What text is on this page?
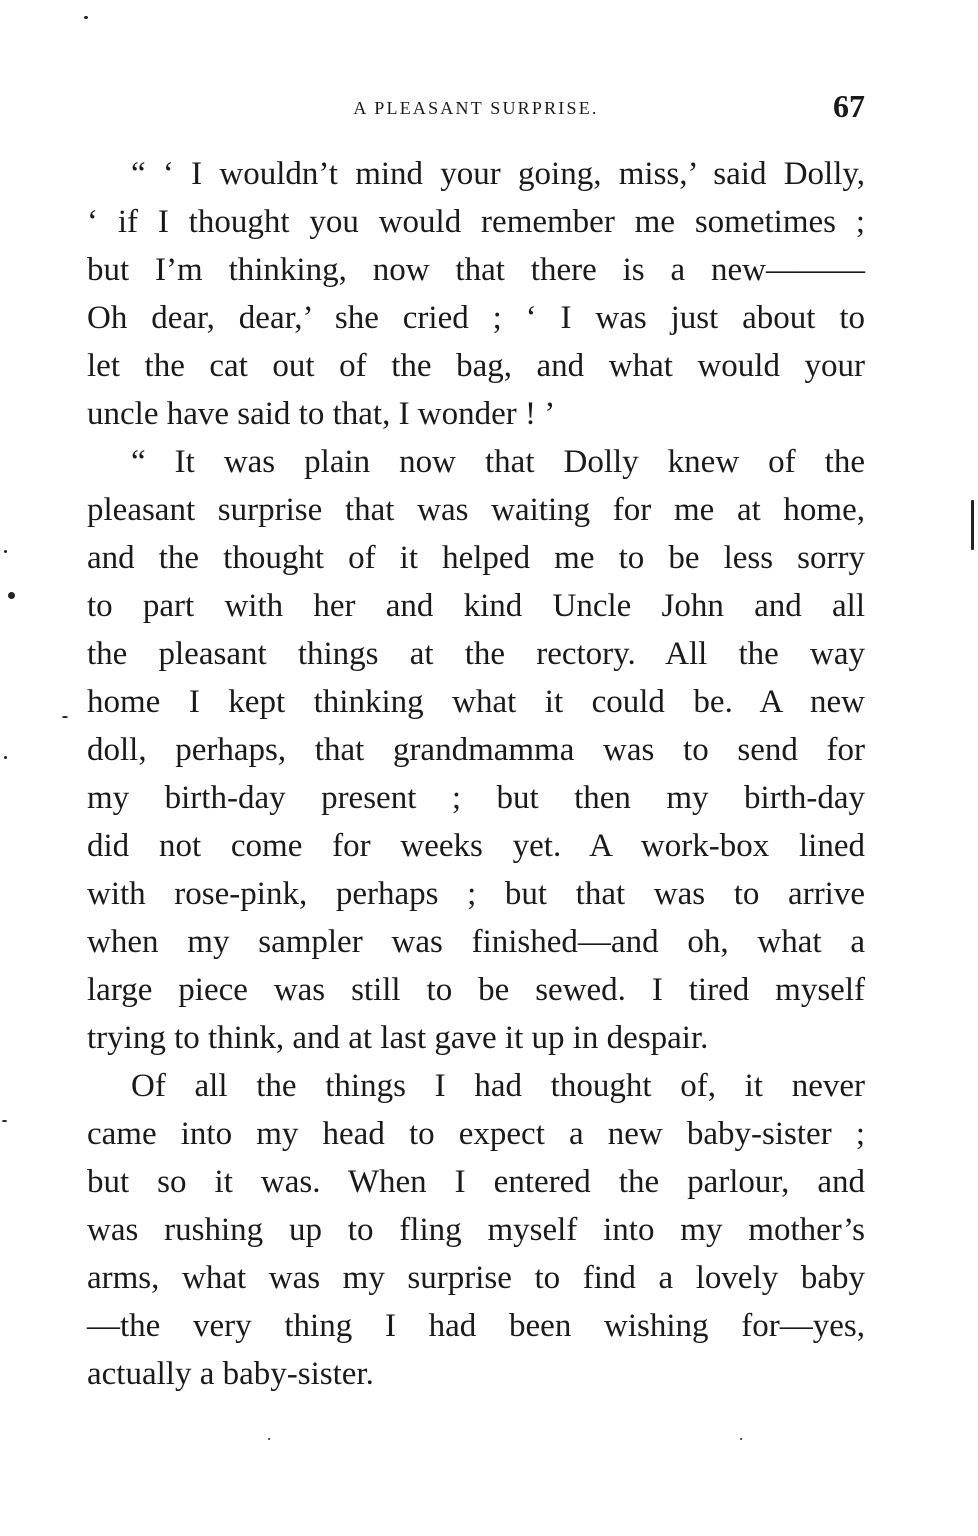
A PLEASANT SURPRISE.	67
“ ‘ I wouldn’t mind your going, miss,’ said Dolly,
‘ if I thought you would remember me sometimes ;
but I’m thinking, now that there is a new———
Oh dear, dear,’ she cried ; ‘ I was just about to
let the cat out of the bag, and what would your
uncle have said to that, I wonder ! ’
“ It was plain now that Dolly knew of the
pleasant surprise that was waiting for me at home,
and the thought of it helped me to be less sorry
to part with her and kind Uncle John and all
the pleasant things at the rectory. All the way
home I kept thinking what it could be. A new
doll, perhaps, that grandmamma was to send for
my birth-day present ; but then my birth-day
did not come for weeks yet. A work-box lined
with rose-pink, perhaps ; but that was to arrive
when my sampler was finished—and oh, what a
large piece was still to be sewed. I tired myself
trying to think, and at last gave it up in despair.
Of all the things I had thought of, it never
came into my head to expect a new baby-sister ;
but so it was. When I entered the parlour, and
was rushing up to fling myself into my mother’s
arms, what was my surprise to find a lovely baby
—the very thing I had been wishing for—yes,
actually a baby-sister.
